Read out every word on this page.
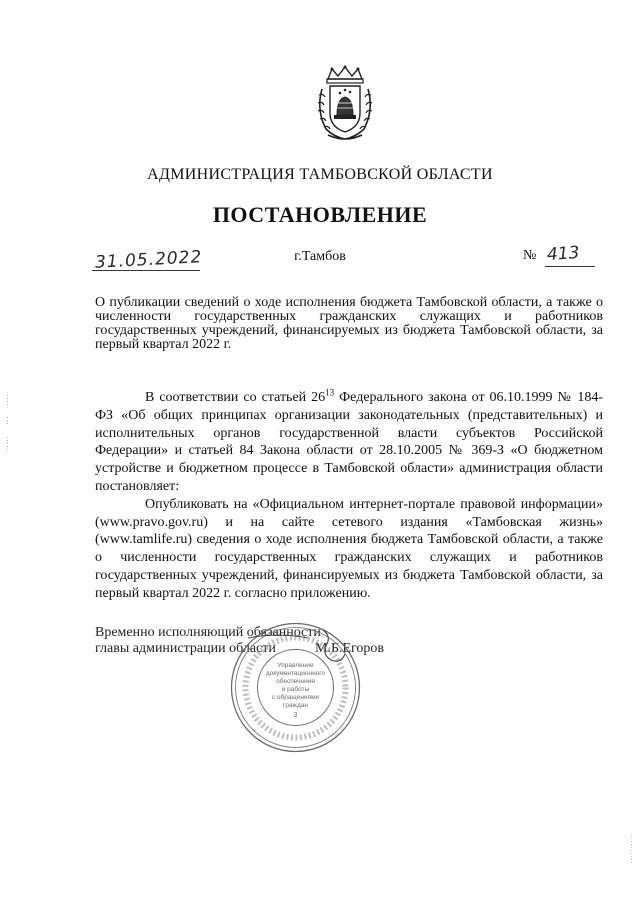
АДМИНИСТРАЦИЯ ТАМБОВСКОЙ ОБЛАСТИ
ПОСТАНОВЛЕНИЕ
31.05.2022	г.Тамбов	№ 413
О публикации сведений о ходе исполнения бюджета Тамбовской области, а также о численности государственных гражданских служащих и работников государственных учреждений, финансируемых из бюджета Тамбовской области, за первый квартал 2022 г.

В соответствии со статьей $26^{13}$ Федерального закона от 06.10.1999 № 184-ФЗ «Об общих принципах организации законодательных (представительных) и исполнительных органов государственной власти субъектов Российской Федерации» и статьей 84 Закона области от 28.10.2005 № 369-З «О бюджетном устройстве и бюджетном процессе в Тамбовской области» администрация области постановляет:

Опубликовать на «Официальном интернет-портале правовой информации» (www.pravo.gov.ru) и на сайте сетевого издания «Тамбовская жизнь» (www.tamlife.ru) сведения о ходе исполнения бюджета Тамбовской области, а также о численности государственных гражданских служащих и работников государственных учреждений, финансируемых из бюджета Тамбовской области, за первый квартал 2022 г. согласно приложению.

Временно исполняющий обязанности
главы администрации области	М.Б.Егоров
Управление
документационного
обеспечения
и работы
с обращениями
граждан
3
